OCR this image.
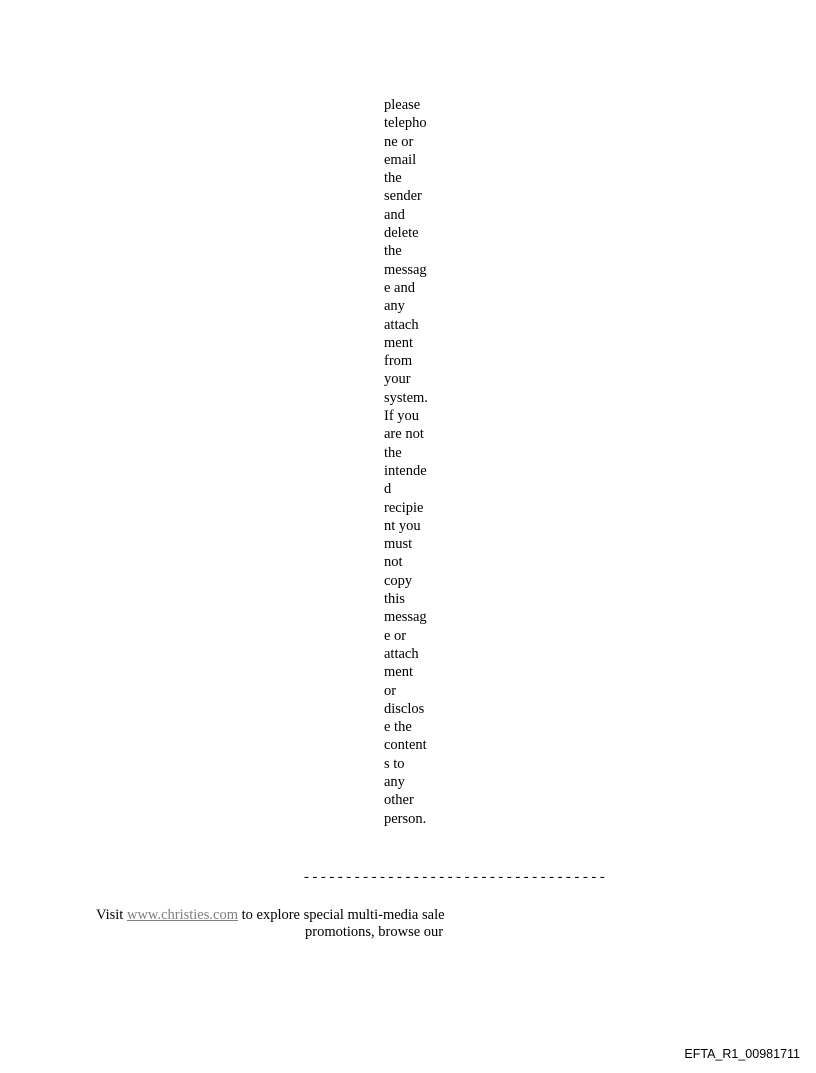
please
telepho
ne or
email
the
sender
and
delete
the
messag
e and
any
attach
ment
from
your
system.
If you
are not
the
intende
d
recipie
nt you
must
not
copy
this
messag
e or
attach
ment
or
disclos
e the
content
s to
any
other
person.
- - - - - - - - - - - - - - - - - - - - - - - - - - - - - - - - - - - -
Visit www.christies.com to explore special multi-media sale
promotions, browse our
EFTA_R1_00981711
